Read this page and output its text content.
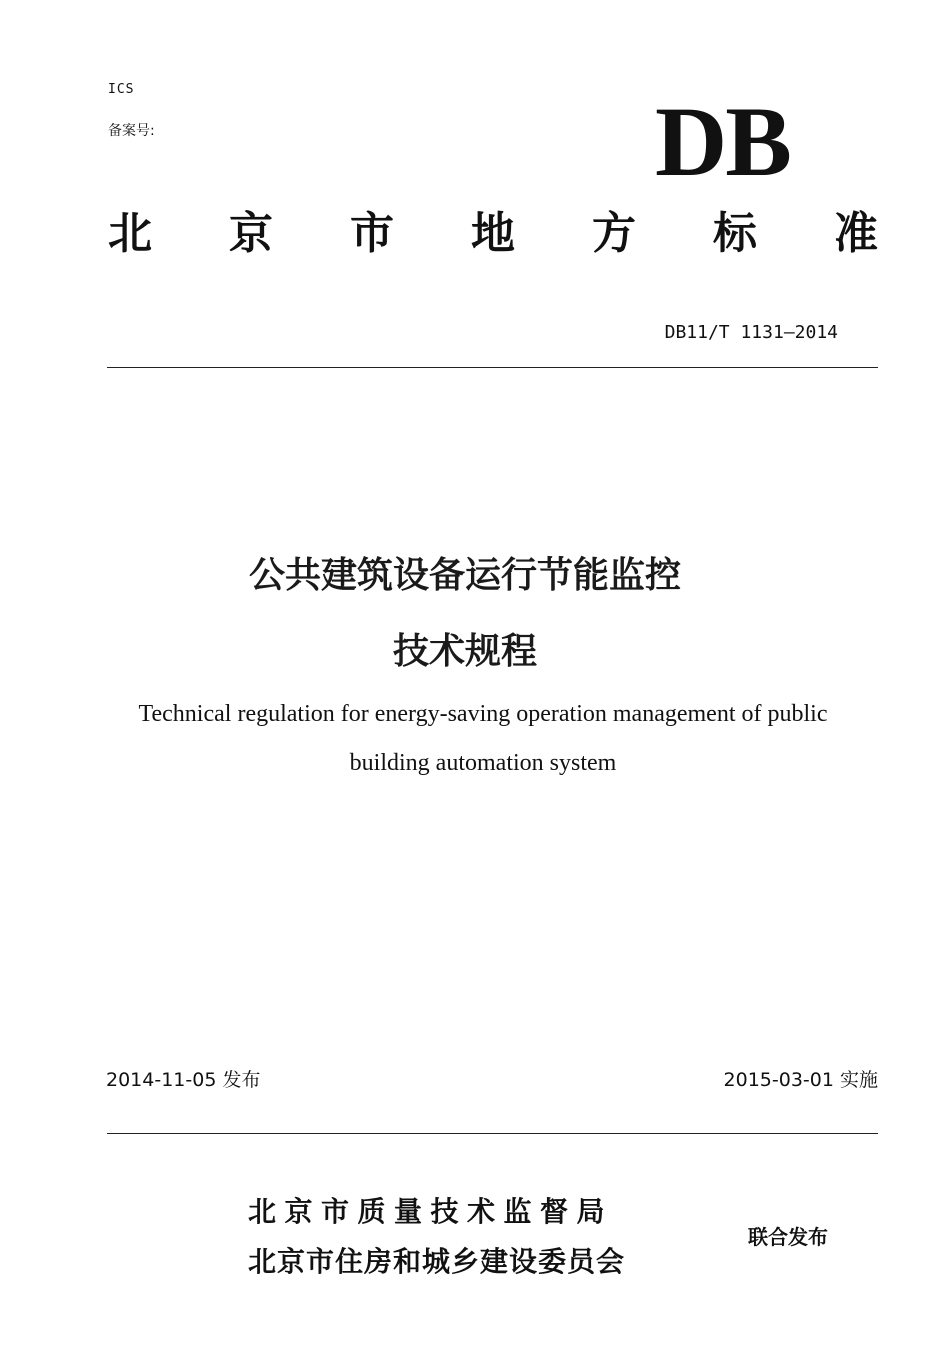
ICS
备案号:	DB
北 京 市 地 方 标 准
DB11/T 1131—2014
公共建筑设备运行节能监控
技术规程
Technical regulation for energy-saving operation management of public
building automation system
2014-11-05 发布	2015-03-01 实施
北京市质量技术监督局
北京市住房和城乡建设委员会
联合发布
